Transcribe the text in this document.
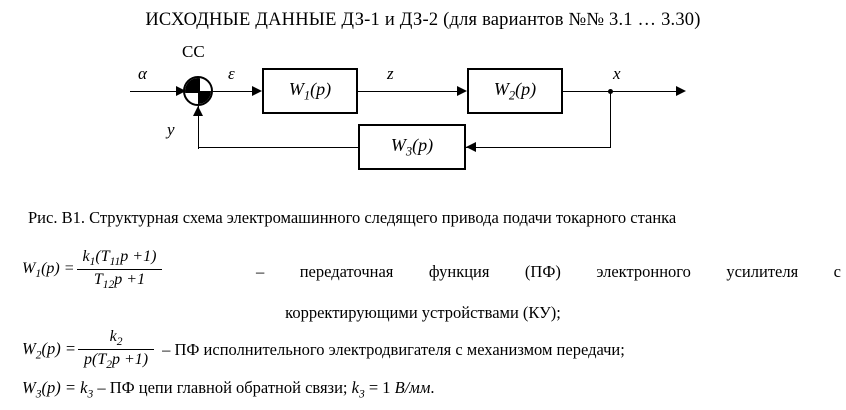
ИСХОДНЫЕ ДАННЫЕ ДЗ-1 и ДЗ-2 (для вариантов №№ 3.1 … 3.30)
α
СС
ε	z	x
y
$W_1(p)$	$W_2(p)$
$W_3(p)$
Рис. В1. Структурная схема электромашинного следящего привода подачи токарного станка
$W_1(p) = \frac{k_1(T_{11}p +1)}{T_{12}p +1}$	– передаточная функция (ПФ) электронного усилителя с
корректирующими устройствами (КУ);
$W_2(p) = \frac{k_2}{p(T_2p +1)}$ – ПФ исполнительного электродвигателя с механизмом передачи;
$W_3(p) = k_3$ – ПФ цепи главной обратной связи; $k_3 = 1$ В/мм.
